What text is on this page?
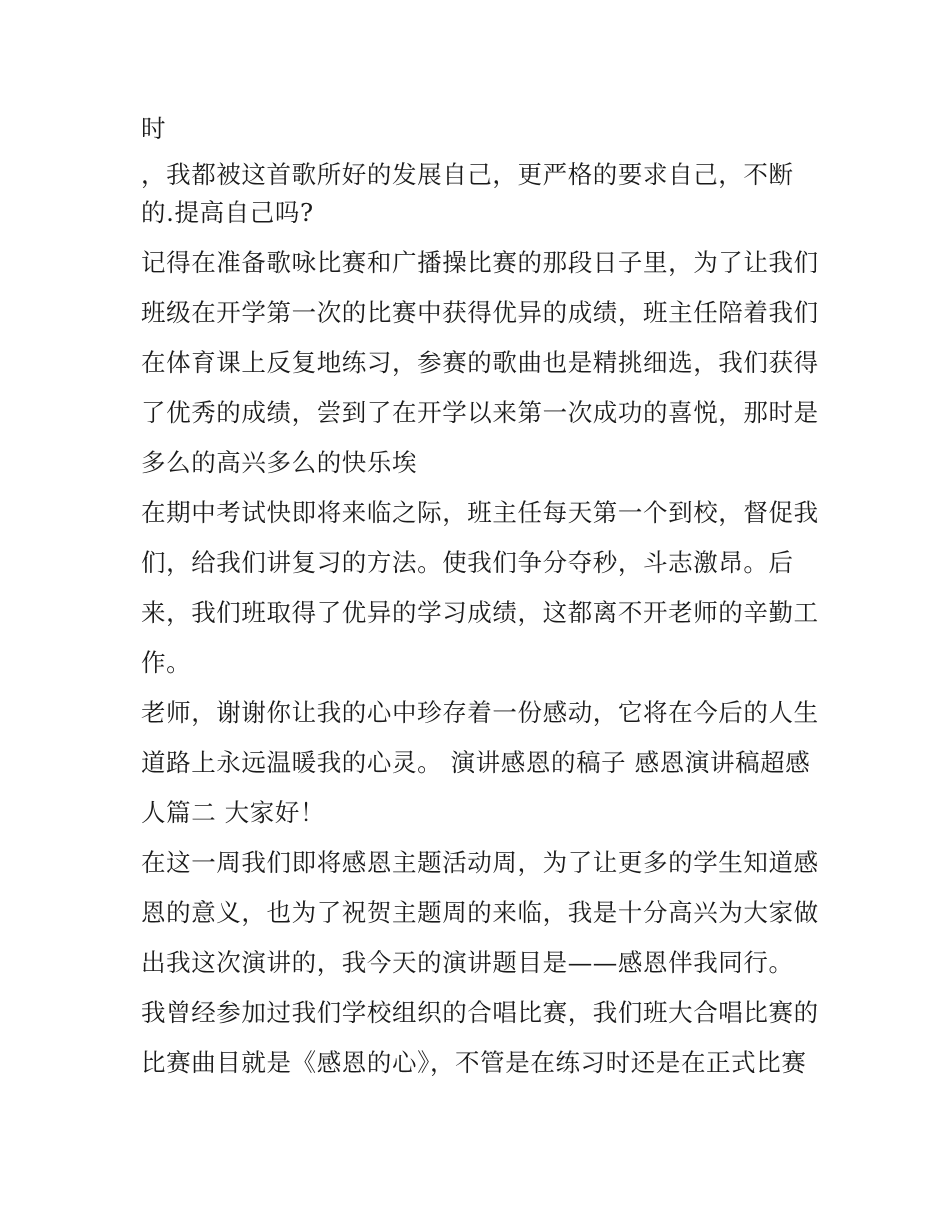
时
，我都被这首歌所好的发展自己，更严格的要求自己，不断
的.提高自己吗?
记得在准备歌咏比赛和广播操比赛的那段日子里，为了让我们
班级在开学第一次的比赛中获得优异的成绩，班主任陪着我们
在体育课上反复地练习，参赛的歌曲也是精挑细选，我们获得
了优秀的成绩，尝到了在开学以来第一次成功的喜悦，那时是
多么的高兴多么的快乐埃
在期中考试快即将来临之际，班主任每天第一个到校，督促我
们，给我们讲复习的方法。使我们争分夺秒，斗志激昂。后
来，我们班取得了优异的学习成绩，这都离不开老师的辛勤工
作。
老师，谢谢你让我的心中珍存着一份感动，它将在今后的人生
道路上永远温暖我的心灵。 演讲感恩的稿子 感恩演讲稿超感
人篇二 大家好！
在这一周我们即将感恩主题活动周，为了让更多的学生知道感
恩的意义，也为了祝贺主题周的来临，我是十分高兴为大家做
出我这次演讲的，我今天的演讲题目是——感恩伴我同行。
我曾经参加过我们学校组织的合唱比赛，我们班大合唱比赛的
比赛曲目就是《感恩的心》，不管是在练习时还是在正式比赛
